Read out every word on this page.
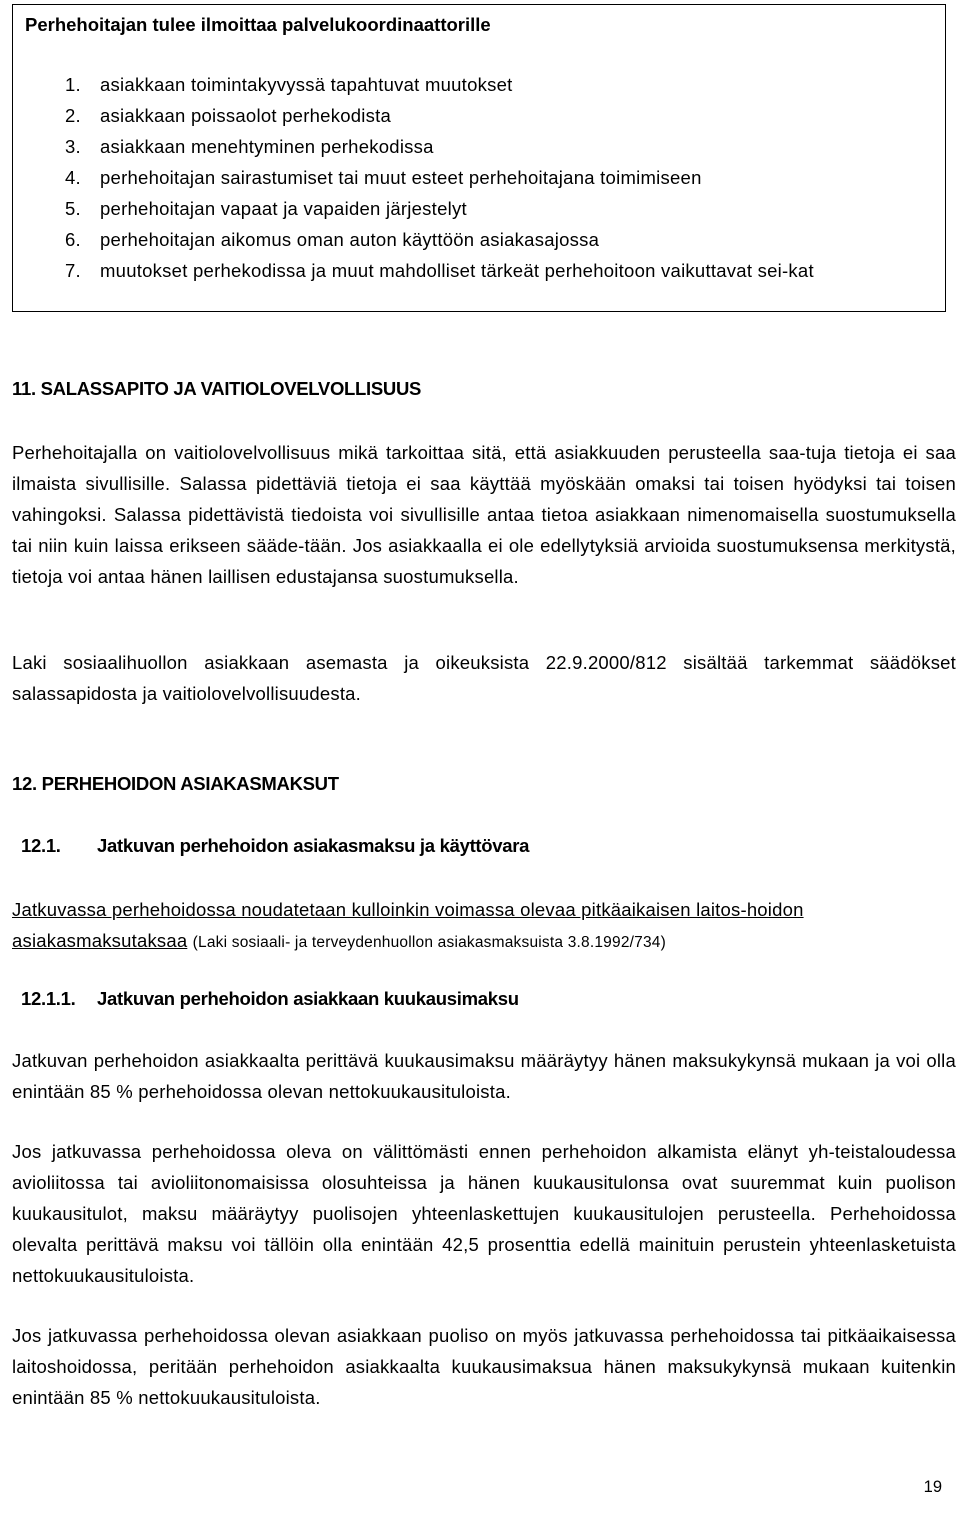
Perhehoitajan tulee ilmoittaa palvelukoordinaattorille

1.	asiakkaan toimintakyvyssä tapahtuvat muutokset
2.	asiakkaan poissaolot perhekodista
3.	asiakkaan menehtyminen perhekodissa
4.	perhehoitajan sairastumiset tai muut esteet perhehoitajana toimimiseen
5.	perhehoitajan vapaat ja vapaiden järjestelyt
6.	perhehoitajan aikomus oman auton käyttöön asiakasajossa
7.	muutokset perhekodissa ja muut mahdolliset tärkeät perhehoitoon vaikuttavat sei-kat

11. SALASSAPITO JA VAITIOLOVELVOLLISUUS

Perhehoitajalla on vaitiolovelvollisuus mikä tarkoittaa sitä, että asiakkuuden perusteella saa-tuja tietoja ei saa ilmaista sivullisille. Salassa pidettäviä tietoja ei saa käyttää myöskään omaksi tai toisen hyödyksi tai toisen vahingoksi. Salassa pidettävistä tiedoista voi sivullisille antaa tietoa asiakkaan nimenomaisella suostumuksella tai niin kuin laissa erikseen sääde-tään. Jos asiakkaalla ei ole edellytyksiä arvioida suostumuksensa merkitystä, tietoja voi antaa hänen laillisen edustajansa suostumuksella.

Laki sosiaalihuollon asiakkaan asemasta ja oikeuksista 22.9.2000/812 sisältää tarkemmat säädökset salassapidosta ja vaitiolovelvollisuudesta.

12. PERHEHOIDON ASIAKASMAKSUT

12.1. Jatkuvan perhehoidon asiakasmaksu ja käyttövara

Jatkuvassa perhehoidossa noudatetaan kulloinkin voimassa olevaa pitkäaikaisen laitos-hoidon asiakasmaksutaksaa (Laki sosiaali- ja terveydenhuollon asiakasmaksuista 3.8.1992/734)

12.1.1. Jatkuvan perhehoidon asiakkaan kuukausimaksu

Jatkuvan perhehoidon asiakkaalta perittävä kuukausimaksu määräytyy hänen maksukykynsä mukaan ja voi olla enintään 85 % perhehoidossa olevan nettokuukausituloista.

Jos jatkuvassa perhehoidossa oleva on välittömästi ennen perhehoidon alkamista elänyt yh-teistaloudessa avioliitossa tai avioliitonomaisissa olosuhteissa ja hänen kuukausitulonsa ovat suuremmat kuin puolison kuukausitulot, maksu määräytyy puolisojen yhteenlaskettujen kuukausitulojen perusteella. Perhehoidossa olevalta perittävä maksu voi tällöin olla enintään 42,5 prosenttia edellä mainituin perustein yhteenlasketuista nettokuukausituloista.

Jos jatkuvassa perhehoidossa olevan asiakkaan puoliso on myös jatkuvassa perhehoidossa tai pitkäaikaisessa laitoshoidossa, peritään perhehoidon asiakkaalta kuukausimaksua hänen maksukykynsä mukaan kuitenkin enintään 85 % nettokuukausituloista.

19
